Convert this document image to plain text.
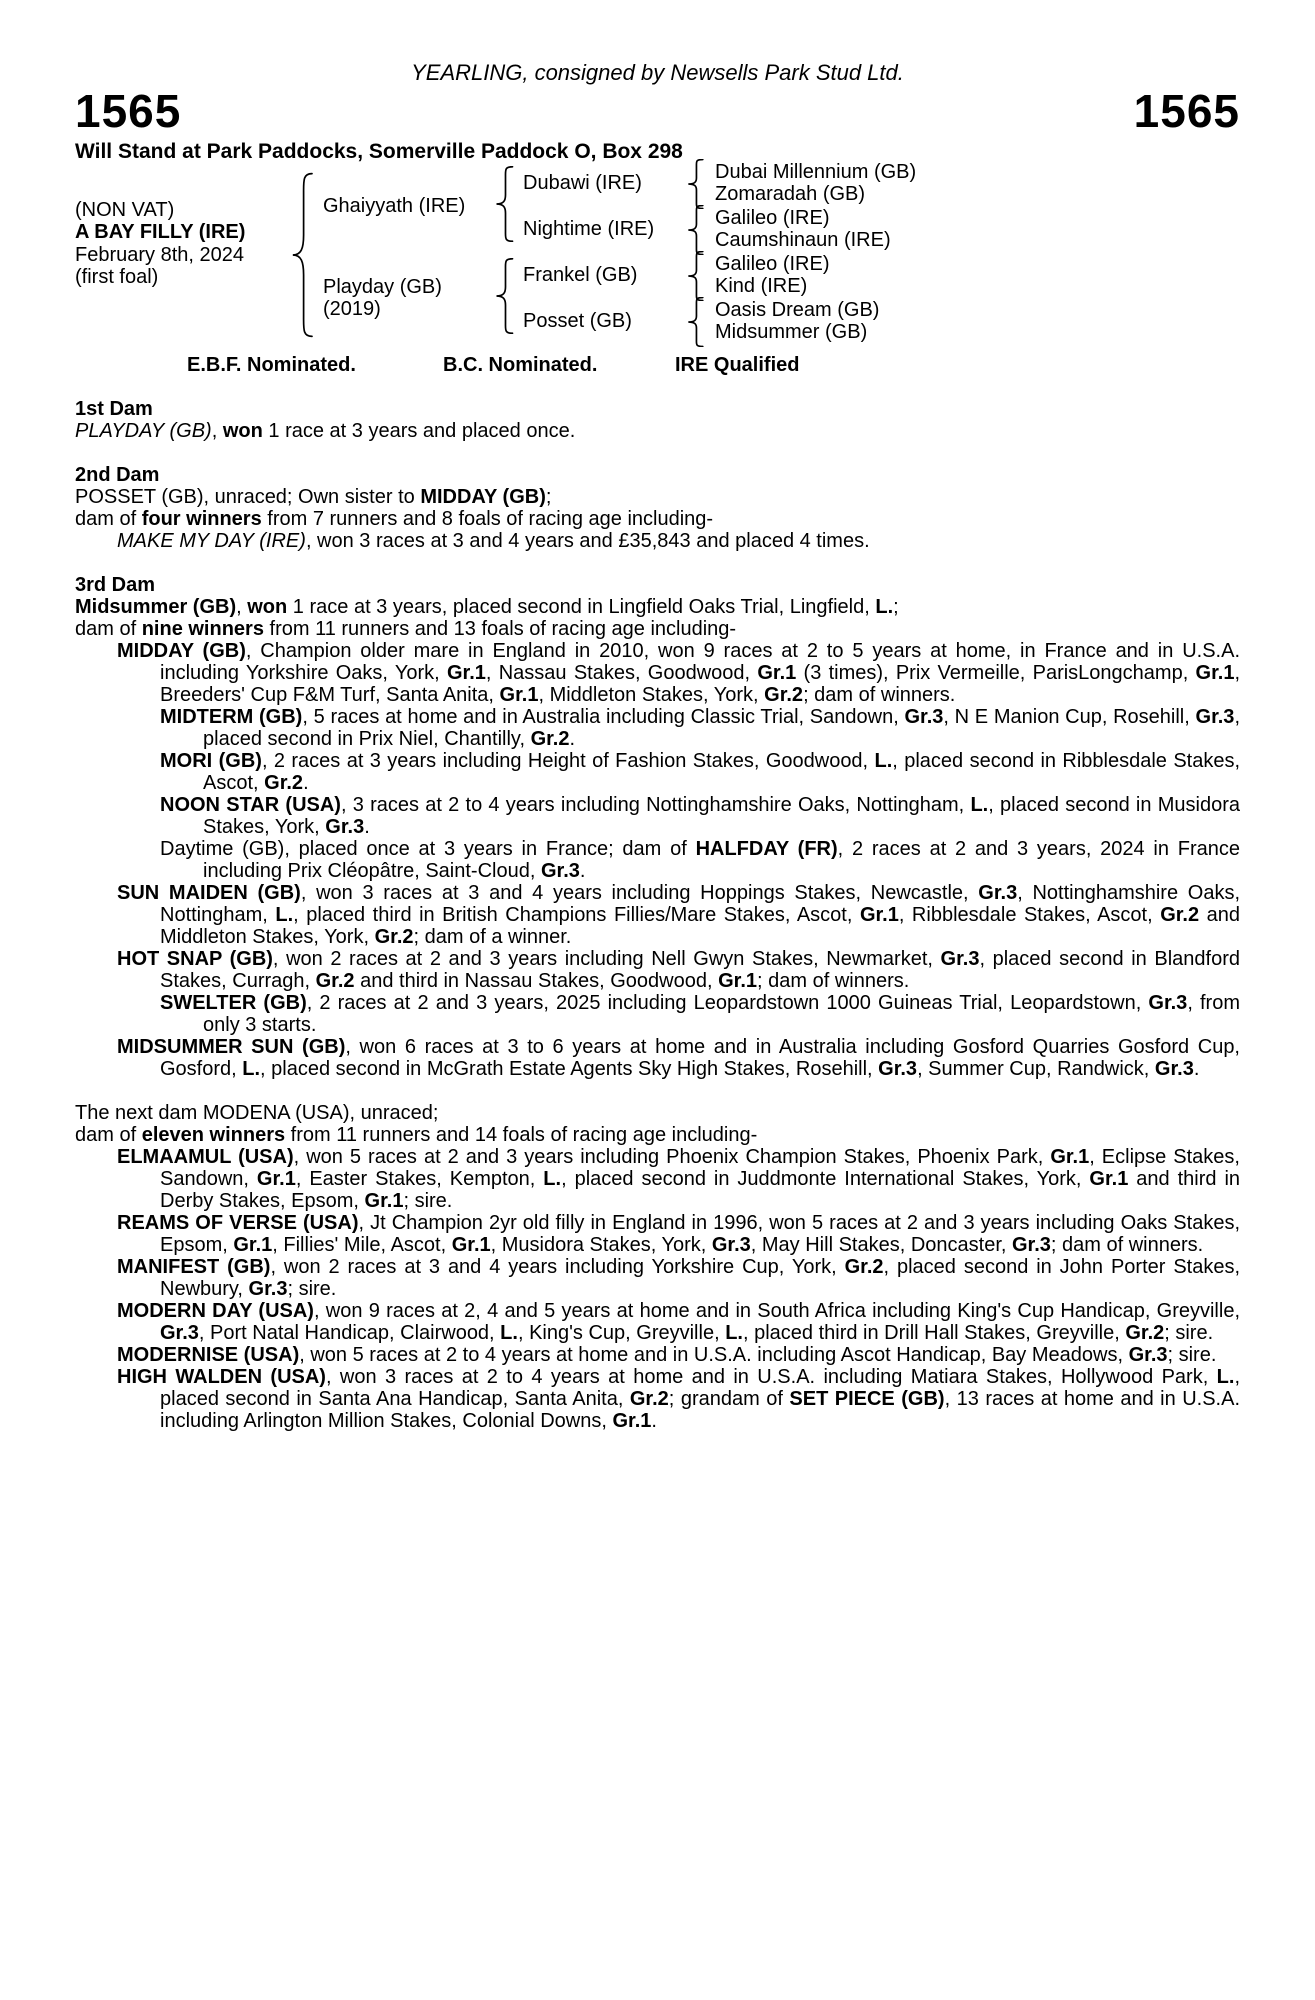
YEARLING, consigned by Newsells Park Stud Ltd.
1565	1565
Will Stand at Park Paddocks, Somerville Paddock O, Box 298
(NON VAT)
A BAY FILLY (IRE)
February 8th, 2024
(first foal)
Ghaiyyath (IRE)
Playday (GB)
(2019)
Dubawi (IRE)
Nightime (IRE)
Frankel (GB)
Posset (GB)
Dubai Millennium (GB)
Zomaradah (GB)
Galileo (IRE)
Caumshinaun (IRE)
Galileo (IRE)
Kind (IRE)
Oasis Dream (GB)
Midsummer (GB)
E.B.F. Nominated.	B.C. Nominated.	IRE Qualified
1st Dam

PLAYDAY (GB), won 1 race at 3 years and placed once.

2nd Dam

POSSET (GB), unraced; Own sister to MIDDAY (GB);

dam of four winners from 7 runners and 8 foals of racing age including-

MAKE MY DAY (IRE), won 3 races at 3 and 4 years and £35,843 and placed 4 times.

3rd Dam

Midsummer (GB), won 1 race at 3 years, placed second in Lingfield Oaks Trial, Lingfield, L.;

dam of nine winners from 11 runners and 13 foals of racing age including-

MIDDAY (GB), Champion older mare in England in 2010, won 9 races at 2 to 5 years at home, in France and in U.S.A. including Yorkshire Oaks, York, Gr.1, Nassau Stakes, Goodwood, Gr.1 (3 times), Prix Vermeille, ParisLongchamp, Gr.1, Breeders' Cup F&M Turf, Santa Anita, Gr.1, Middleton Stakes, York, Gr.2; dam of winners.

MIDTERM (GB), 5 races at home and in Australia including Classic Trial, Sandown, Gr.3, N E Manion Cup, Rosehill, Gr.3, placed second in Prix Niel, Chantilly, Gr.2.

MORI (GB), 2 races at 3 years including Height of Fashion Stakes, Goodwood, L., placed second in Ribblesdale Stakes, Ascot, Gr.2.

NOON STAR (USA), 3 races at 2 to 4 years including Nottinghamshire Oaks, Nottingham, L., placed second in Musidora Stakes, York, Gr.3.

Daytime (GB), placed once at 3 years in France; dam of HALFDAY (FR), 2 races at 2 and 3 years, 2024 in France including Prix Cléopâtre, Saint-Cloud, Gr.3.

SUN MAIDEN (GB), won 3 races at 3 and 4 years including Hoppings Stakes, Newcastle, Gr.3, Nottinghamshire Oaks, Nottingham, L., placed third in British Champions Fillies/Mare Stakes, Ascot, Gr.1, Ribblesdale Stakes, Ascot, Gr.2 and Middleton Stakes, York, Gr.2; dam of a winner.

HOT SNAP (GB), won 2 races at 2 and 3 years including Nell Gwyn Stakes, Newmarket, Gr.3, placed second in Blandford Stakes, Curragh, Gr.2 and third in Nassau Stakes, Goodwood, Gr.1; dam of winners.

SWELTER (GB), 2 races at 2 and 3 years, 2025 including Leopardstown 1000 Guineas Trial, Leopardstown, Gr.3, from only 3 starts.

MIDSUMMER SUN (GB), won 6 races at 3 to 6 years at home and in Australia including Gosford Quarries Gosford Cup, Gosford, L., placed second in McGrath Estate Agents Sky High Stakes, Rosehill, Gr.3, Summer Cup, Randwick, Gr.3.

The next dam MODENA (USA), unraced;

dam of eleven winners from 11 runners and 14 foals of racing age including-

ELMAAMUL (USA), won 5 races at 2 and 3 years including Phoenix Champion Stakes, Phoenix Park, Gr.1, Eclipse Stakes, Sandown, Gr.1, Easter Stakes, Kempton, L., placed second in Juddmonte International Stakes, York, Gr.1 and third in Derby Stakes, Epsom, Gr.1; sire.

REAMS OF VERSE (USA), Jt Champion 2yr old filly in England in 1996, won 5 races at 2 and 3 years including Oaks Stakes, Epsom, Gr.1, Fillies' Mile, Ascot, Gr.1, Musidora Stakes, York, Gr.3, May Hill Stakes, Doncaster, Gr.3; dam of winners.

MANIFEST (GB), won 2 races at 3 and 4 years including Yorkshire Cup, York, Gr.2, placed second in John Porter Stakes, Newbury, Gr.3; sire.

MODERN DAY (USA), won 9 races at 2, 4 and 5 years at home and in South Africa including King's Cup Handicap, Greyville, Gr.3, Port Natal Handicap, Clairwood, L., King's Cup, Greyville, L., placed third in Drill Hall Stakes, Greyville, Gr.2; sire.

MODERNISE (USA), won 5 races at 2 to 4 years at home and in U.S.A. including Ascot Handicap, Bay Meadows, Gr.3; sire.

HIGH WALDEN (USA), won 3 races at 2 to 4 years at home and in U.S.A. including Matiara Stakes, Hollywood Park, L., placed second in Santa Ana Handicap, Santa Anita, Gr.2; grandam of SET PIECE (GB), 13 races at home and in U.S.A. including Arlington Million Stakes, Colonial Downs, Gr.1.
